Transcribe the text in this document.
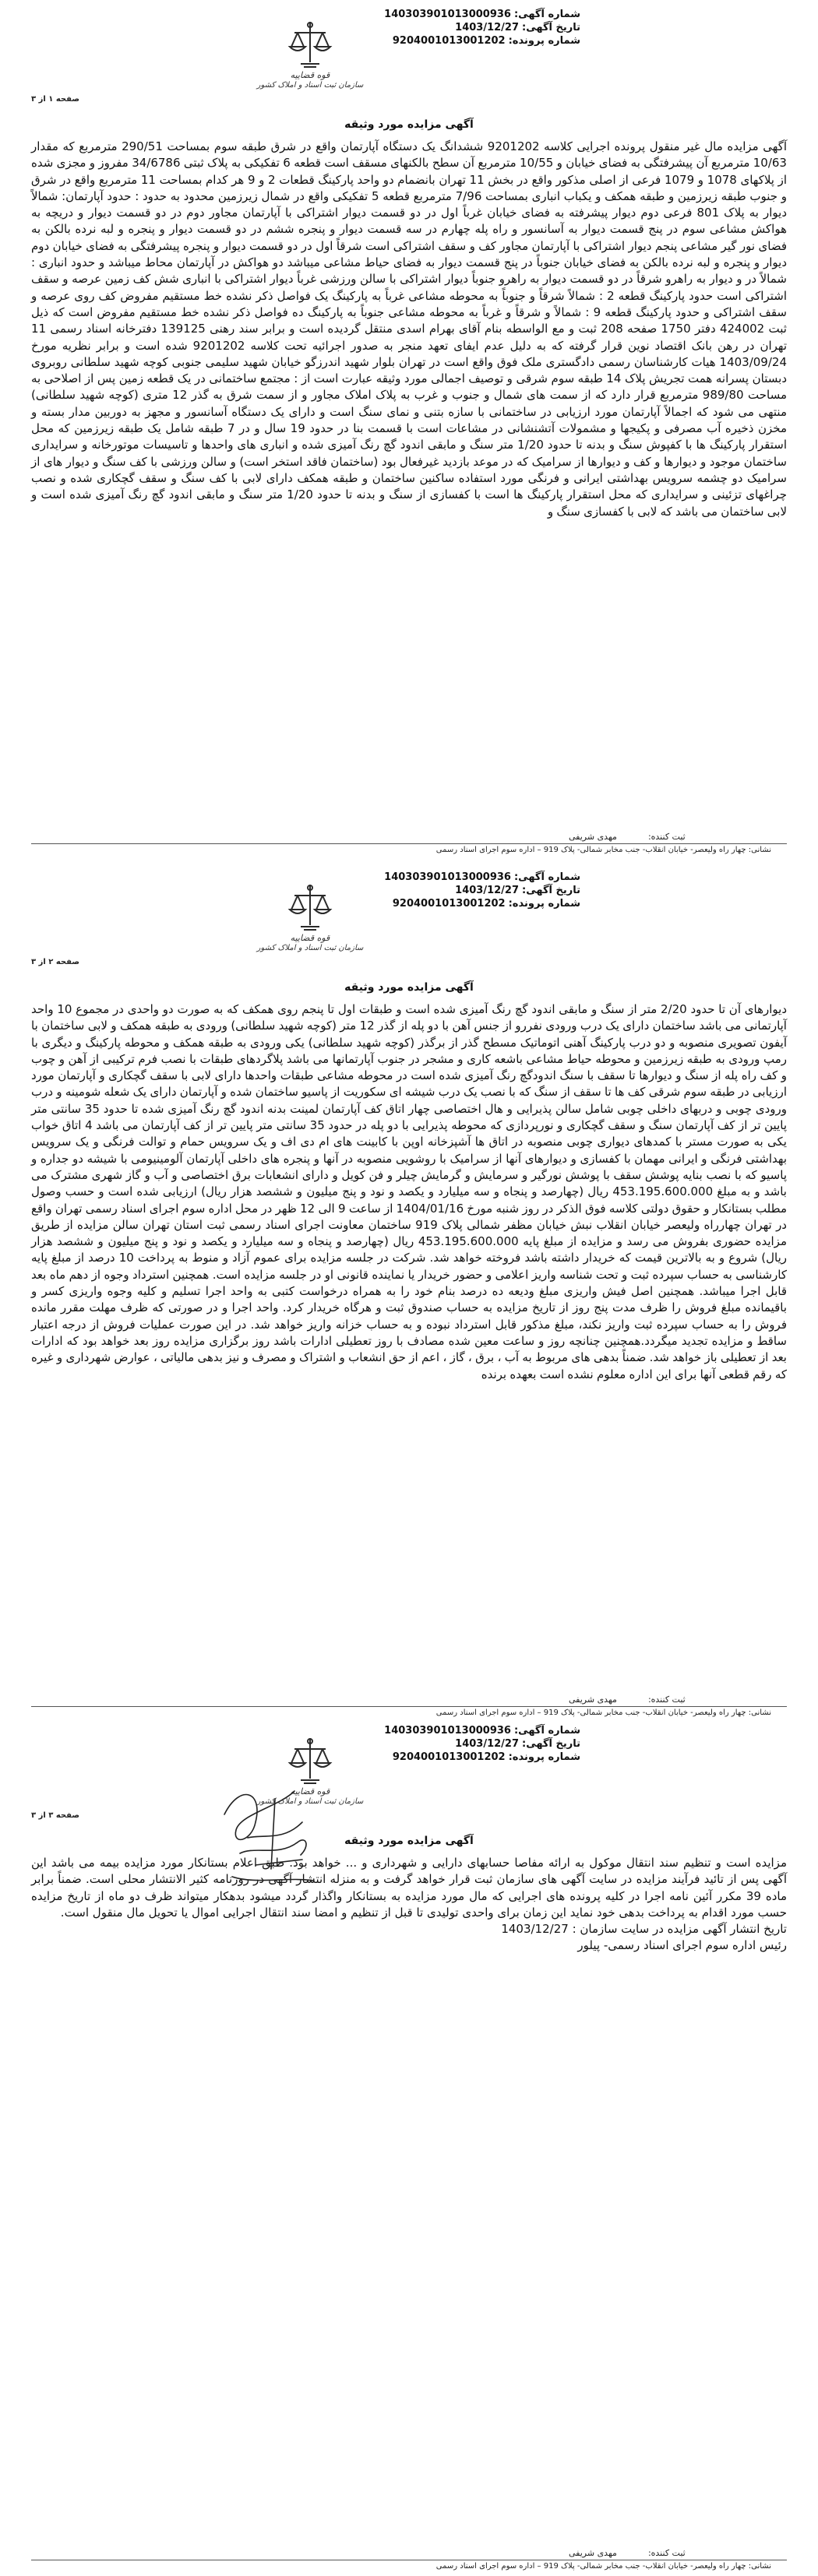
شماره آگهی:140303901013000936
تاریخ آگهی:1403/12/27
شماره پرونده:9204001013001202
قوه قضاییه
سازمان ثبت اسناد و املاک کشور
صفحه ۱ از ۳
آگهی مزایده مورد وثیقه
آگهی مزایده مال غیر منقول پرونده اجرایی کلاسه 9201202 ششدانگ یک دستگاه آپارتمان واقع در شرق طبقه سوم بمساحت 290/51 مترمربع که مقدار 10/63 مترمربع آن پیشرفتگی به فضای خیابان و 10/55 مترمربع آن سطح بالکنهای مسقف است قطعه 6 تفکیکی به پلاک ثبتی 34/6786 مفروز و مجزی شده از پلاکهای 1078 و 1079 فرعی از اصلی مذکور واقع در بخش 11 تهران بانضمام دو واحد پارکینگ قطعات 2 و 9 هر کدام بمساحت 11 مترمربع واقع در شرق و جنوب طبقه زیرزمین و طبقه همکف و یکباب انباری بمساحت 7/96 مترمربع قطعه 5 تفکیکی واقع در شمال زیرزمین محدود به حدود : حدود آپارتمان: شمالاً دیوار به پلاک 801 فرعی دوم دیوار پیشرفته به فضای خیابان غرباً اول در دو قسمت دیوار اشتراکی با آپارتمان مجاور دوم در دو قسمت دیوار و دریچه به هواکش مشاعی سوم در پنج قسمت دیوار به آسانسور و راه پله چهارم در سه قسمت دیوار و پنجره ششم در دو قسمت دیوار و پنجره و لبه نرده بالکن به فضای نور گیر مشاعی پنجم دیوار اشتراکی با آپارتمان مجاور کف و سقف اشتراکی است شرقاً اول در دو قسمت دیوار و پنجره پیشرفتگی به فضای خیابان دوم دیوار و پنجره و لبه نرده بالکن به فضای خیابان جنوباً در پنج قسمت دیوار به فضای حیاط مشاعی میباشد دو هواکش در آپارتمان محاط میباشد و حدود انباری : شمالاً در و دیوار به راهرو شرقاً در دو قسمت دیوار به راهرو جنوباً دیوار اشتراکی با سالن ورزشی غرباً دیوار اشتراکی با انباری شش کف زمین عرصه و سقف اشتراکی است حدود پارکینگ قطعه 2 : شمالاً شرقاً و جنوباً به محوطه مشاعی غرباً به پارکینگ یک فواصل ذکر نشده خط مستقیم مفروض کف روی عرصه و سقف اشتراکی و حدود پارکینگ قطعه 9 : شمالاً و شرقاً و غرباً به محوطه مشاعی جنوباً به پارکینگ ده فواصل ذکر نشده خط مستقیم مفروض است که ذیل ثبت 424002 دفتر 1750 صفحه 208 ثبت و مع الواسطه بنام آقای بهرام اسدی منتقل گردیده است و برابر سند رهنی 139125 دفترخانه اسناد رسمی 11 تهران در رهن بانک اقتصاد نوین قرار گرفته که به دلیل عدم ایفای تعهد منجر به صدور اجرائیه تحت کلاسه 9201202 شده است و برابر نظریه مورخ 1403/09/24 هیات کارشناسان رسمی دادگستری ملک فوق واقع است در تهران بلوار شهید اندرزگو خیابان شهید سلیمی جنوبی کوچه شهید سلطانی روبروی دبستان پسرانه همت تجریش پلاک 14 طبقه سوم شرقی و توصیف اجمالی مورد وثیقه عبارت است از : مجتمع ساختمانی در یک قطعه زمین پس از اصلاحی به مساحت 989/80 مترمربع قرار دارد که از سمت های شمال و جنوب و غرب به پلاک املاک مجاور و از سمت شرق به گذر 12 متری (کوچه شهید سلطانی) منتهی می شود که اجمالاً آپارتمان مورد ارزیابی در ساختمانی با سازه بتنی و نمای سنگ است و دارای یک دستگاه آسانسور و مجهز به دوربین مدار بسته و مخزن ذخیره آب مصرفی و پکیجها و مشمولات آتشنشانی در مشاعات است با قسمت بنا در حدود 19 سال و در 7 طبقه شامل یک طبقه زیرزمین که محل استقرار پارکینگ ها با کفپوش سنگ و بدنه تا حدود 1/20 متر سنگ و مابقی اندود گچ رنگ آمیزی شده و انباری های واحدها و تاسیسات موتورخانه و سرایداری ساختمان موجود و دیوارها و کف و دیوارها از سرامیک که در موعد بازدید غیرفعال بود (ساختمان فاقد استخر است) و سالن ورزشی با کف سنگ و دیوار های از سرامیک دو چشمه سرویس بهداشتی ایرانی و فرنگی مورد استفاده ساکنین ساختمان و طبقه همکف دارای لابی با کف سنگ و سقف گچکاری شده و نصب چراغهای تزئینی و سرایداری که محل استقرار پارکینگ ها است با کفسازی از سنگ و بدنه تا حدود 1/20 متر سنگ و مابقی اندود گچ رنگ آمیزی شده است و لابی ساختمان می باشد که لابی با کفسازی سنگ و
ثبت کننده:مهدی شریفی
نشانی: چهار راه ولیعصر- خیابان انقلاب- جنب مخابر شمالی- پلاک 919 – اداره سوم اجرای اسناد رسمی
شماره آگهی:140303901013000936
تاریخ آگهی:1403/12/27
شماره پرونده:9204001013001202
قوه قضاییه
سازمان ثبت اسناد و املاک کشور
صفحه ۲ از ۳
آگهی مزایده مورد وثیقه
دیوارهای آن تا حدود 2/20 متر از سنگ و مابقی اندود گچ رنگ آمیزی شده است و طبقات اول تا پنجم روی همکف که به صورت دو واحدی در مجموع 10 واحد آپارتمانی می باشد ساختمان دارای یک درب ورودی نفررو از جنس آهن با دو پله از گذر 12 متر (کوچه شهید سلطانی) ورودی به طبقه همکف و لابی ساختمان با آیفون تصویری منصوبه و دو درب پارکینگ آهنی اتوماتیک مسطح گذر از برگذر (کوچه شهید سلطانی) یکی ورودی به طبقه همکف و محوطه پارکینگ و دیگری با رمپ ورودی به طبقه زیرزمین و محوطه حیاط مشاعی باشعه کاری و مشجر در جنوب آپارتمانها می باشد پلاگردهای طبقات با نصب فرم ترکیبی از آهن و چوب و کف راه پله از سنگ و دیوارها تا سقف با سنگ اندودگچ رنگ آمیزی شده است در محوطه مشاعی طبقات واحدها دارای لابی با سقف گچکاری و آپارتمان مورد ارزیابی در طبقه سوم شرقی کف ها تا سقف از سنگ که با نصب یک درب شیشه ای سکوریت از پاسیو ساختمان شده و آپارتمان دارای یک شعله شومینه و درب ورودی چوبی و دربهای داخلی چوبی شامل سالن پذیرایی و هال اختصاصی چهار اتاق کف آپارتمان لمینت بدنه اندود گچ رنگ آمیزی شده تا حدود 35 سانتی متر پایین تر از کف آپارتمان سنگ و سقف گچکاری و نورپردازی که محوطه پذیرایی با دو پله در حدود 35 سانتی متر پایین تر از کف آپارتمان می باشد 4 اتاق خواب یکی به صورت مستر با کمدهای دیواری چوبی منصوبه در اتاق ها آشپزخانه اوپن با کابینت های ام دی اف و یک سرویس حمام و توالت فرنگی و یک سرویس بهداشتی فرنگی و ایرانی مهمان با کفسازی و دیوارهای آنها از سرامیک با روشویی منصوبه در آنها و پنجره های داخلی آپارتمان آلومینیومی با شیشه دو جداره و پاسیو که با نصب بنایه پوشش سقف با پوشش نورگیر و سرمایش و گرمایش چیلر و فن کویل و دارای انشعابات برق اختصاصی و آب و گاز شهری مشترک می باشد و به مبلغ 453.195.600.000 ریال (چهارصد و پنجاه و سه میلیارد و یکصد و نود و پنج میلیون و ششصد هزار ریال) ارزیابی شده است و حسب وصول مطلب بستانکار و حقوق دولتی کلاسه فوق الذکر در روز شنبه مورخ 1404/01/16 از ساعت 9 الی 12 ظهر در محل اداره سوم اجرای اسناد رسمی تهران واقع در تهران چهارراه ولیعصر خیابان انقلاب نبش خیابان مظفر شمالی پلاک 919 ساختمان معاونت اجرای اسناد رسمی ثبت استان تهران سالن مزایده از طریق مزایده حضوری بفروش می رسد و مزایده از مبلغ پایه 453.195.600.000 ریال (چهارصد و پنجاه و سه میلیارد و یکصد و نود و پنج میلیون و ششصد هزار ریال) شروع و به بالاترین قیمت که خریدار داشته باشد فروخته خواهد شد. شرکت در جلسه مزایده برای عموم آزاد و منوط به پرداخت 10 درصد از مبلغ پایه کارشناسی به حساب سپرده ثبت و تحت شناسه واریز اعلامی و حضور خریدار یا نماینده قانونی او در جلسه مزایده است. همچنین استرداد وجوه از دهم ماه بعد قابل اجرا میباشد. همچنین اصل فیش واریزی مبلغ ودیعه ده درصد بنام خود را به همراه درخواست کتبی به واحد اجرا تسلیم و کلیه وجوه واریزی کسر و باقیمانده مبلغ فروش را ظرف مدت پنج روز از تاریخ مزایده به حساب صندوق ثبت و هرگاه خریدار کرد. واحد اجرا و در صورتی که ظرف مهلت مقرر مانده فروش را به حساب سپرده ثبت واریز نکند، مبلغ مذکور قابل استرداد نبوده و به حساب خزانه واریز خواهد شد. در این صورت عملیات فروش از درجه اعتبار ساقط و مزایده تجدید میگردد.همچنین چنانچه روز و ساعت معین شده مصادف با روز تعطیلی ادارات باشد روز برگزاری مزایده روز بعد خواهد بود که ادارات بعد از تعطیلی باز خواهد شد. ضمناً بدهی های مربوط به آب ، برق ، گاز ، اعم از حق انشعاب و اشتراک و مصرف و نیز بدهی مالیاتی ، عوارض شهرداری و غیره که رقم قطعی آنها برای این اداره معلوم نشده است بعهده برنده
ثبت کننده:مهدی شریفی
نشانی: چهار راه ولیعصر- خیابان انقلاب- جنب مخابر شمالی- پلاک 919 – اداره سوم اجرای اسناد رسمی
شماره آگهی:140303901013000936
تاریخ آگهی:1403/12/27
شماره پرونده:9204001013001202
قوه قضاییه
سازمان ثبت اسناد و املاک کشور
صفحه ۳ از ۳
آگهی مزایده مورد وثیقه
مزایده است و تنظیم سند انتقال موکول به ارائه مفاصا حسابهای دارایی و شهرداری و ... خواهد بود. طبق اعلام بستانکار مورد مزایده بیمه می باشد این آگهی پس از تائید فرآیند مزایده در سایت آگهی های سازمان ثبت قرار خواهد گرفت و به منزله انتشار آگهی در روزنامه کثیر الانتشار محلی است. ضمناً برابر ماده 39 مکرر آئین نامه اجرا در کلیه پرونده های اجرایی که مال مورد مزایده به بستانکار واگذار گردد میشود بدهکار میتواند ظرف دو ماه از تاریخ مزایده حسب مورد اقدام به پرداخت بدهی خود نماید این زمان برای واحدی تولیدی تا قبل از تنظیم و امضا سند انتقال اجرایی اموال یا تحویل مال منقول است.
تاریخ انتشار آگهی مزایده در سایت سازمان : 1403/12/27
رئیس اداره سوم اجرای اسناد رسمی- پیلور
ثبت کننده:مهدی شریفی
نشانی: چهار راه ولیعصر- خیابان انقلاب- جنب مخابر شمالی- پلاک 919 – اداره سوم اجرای اسناد رسمی
